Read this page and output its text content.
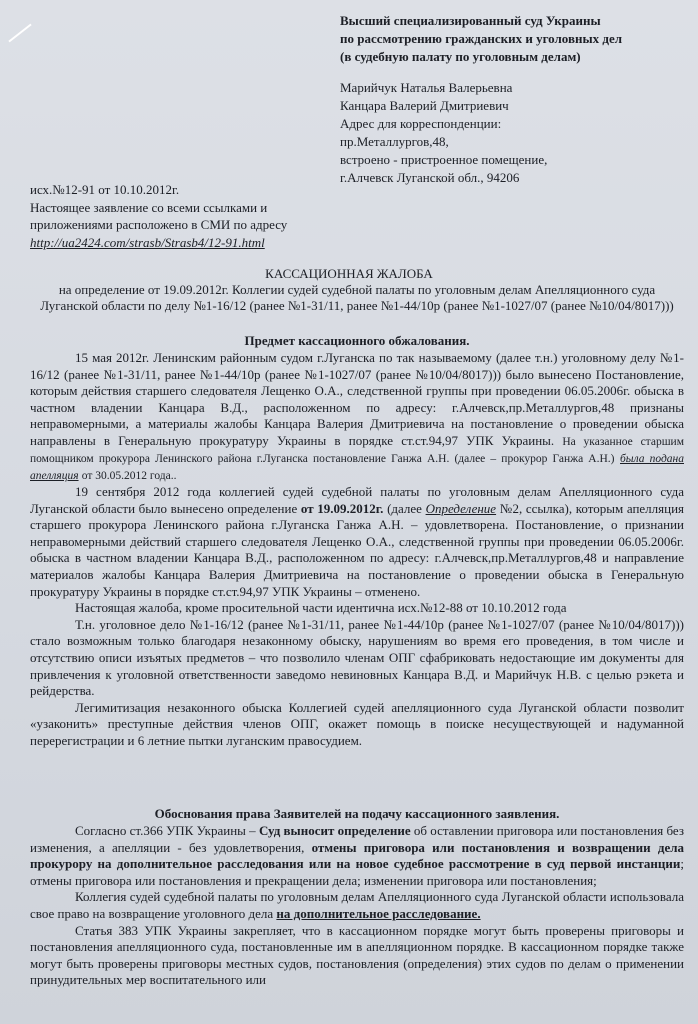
Высший специализированный суд Украины
по рассмотрению гражданских и уголовных дел
(в судебную палату по уголовным делам)
Марийчук Наталья Валерьевна
Канцара Валерий Дмитриевич
Адрес для корреспонденции:
пр.Металлургов,48,
встроено - пристроенное помещение,
г.Алчевск Луганской обл., 94206
исх.№12-91 от 10.10.2012г.
Настоящее заявление со всеми ссылками и
приложениями расположено в СМИ по адресу
http://ua2424.com/strasb/Strasb4/12-91.html
КАССАЦИОННАЯ ЖАЛОБА
на определение от 19.09.2012г. Коллегии судей судебной палаты по уголовным делам Апелляционного суда Луганской области по делу №1-16/12 (ранее №1-31/11, ранее №1-44/10р (ранее №1-1027/07 (ранее №10/04/8017)))
Предмет кассационного обжалования.

15 мая 2012г. Ленинским районным судом г.Луганска по так называемому (далее т.н.) уголовному делу №1-16/12 (ранее №1-31/11, ранее №1-44/10р (ранее №1-1027/07 (ранее №10/04/8017))) было вынесено Постановление, которым действия старшего следователя Лещенко О.А., следственной группы при проведении 06.05.2006г. обыска в частном владении Канцара В.Д., расположенном по адресу: г.Алчевск,пр.Металлургов,48 признаны неправомерными, а материалы жалобы Канцара Валерия Дмитриевича на постановление о проведении обыска направлены в Генеральную прокуратуру Украины в порядке ст.ст.94,97 УПК Украины. На указанное старшим помощником прокурора Ленинского района г.Луганска постановление Ганжа А.Н. (далее – прокурор Ганжа А.Н.) была подана апелляция от 30.05.2012 года..

19 сентября 2012 года коллегией судей судебной палаты по уголовным делам Апелляционного суда Луганской области было вынесено определение от 19.09.2012г. (далее Определение №2, ссылка), которым апелляция старшего прокурора Ленинского района г.Луганска Ганжа А.Н. – удовлетворена. Постановление, о признании неправомерными действий старшего следователя Лещенко О.А., следственной группы при проведении 06.05.2006г. обыска в частном владении Канцара В.Д., расположенном по адресу: г.Алчевск,пр.Металлургов,48 и направление материалов жалобы Канцара Валерия Дмитриевича на постановление о проведении обыска в Генеральную прокуратуру Украины в порядке ст.ст.94,97 УПК Украины – отменено.

Настоящая жалоба, кроме просительной части идентична исх.№12-88 от 10.10.2012 года

Т.н. уголовное дело №1-16/12 (ранее №1-31/11, ранее №1-44/10р (ранее №1-1027/07 (ранее №10/04/8017))) стало возможным только благодаря незаконному обыску, нарушениям во время его проведения, в том числе и отсутствию описи изъятых предметов – что позволило членам ОПГ сфабриковать недостающие им документы для привлечения к уголовной ответственности заведомо невиновных Канцара В.Д. и Марийчук Н.В. с целью рэкета и рейдерства.

Легимитизация незаконного обыска Коллегией судей апелляционного суда Луганской области позволит «узаконить» преступные действия членов ОПГ, окажет помощь в поиске несуществующей и надуманной перерегистрации и 6 летние пытки луганским правосудием.

Обоснования права Заявителей на подачу кассационного заявления.

Согласно ст.366 УПК Украины – Суд выносит определение об оставлении приговора или постановления без изменения, а апелляции - без удовлетворения, отмены приговора или постановления и возвращении дела прокурору на дополнительное расследования или на новое судебное рассмотрение в суд первой инстанции; отмены приговора или постановления и прекращении дела; изменении приговора или постановления;

Коллегия судей судебной палаты по уголовным делам Апелляционного суда Луганской области использовала свое право на возвращение уголовного дела на дополнительное расследование.

Статья 383 УПК Украины закрепляет, что в кассационном порядке могут быть проверены приговоры и постановления апелляционного суда, постановленные им в апелляционном порядке. В кассационном порядке также могут быть проверены приговоры местных судов, постановления (определения) этих судов по делам о применении принудительных мер воспитательного или
